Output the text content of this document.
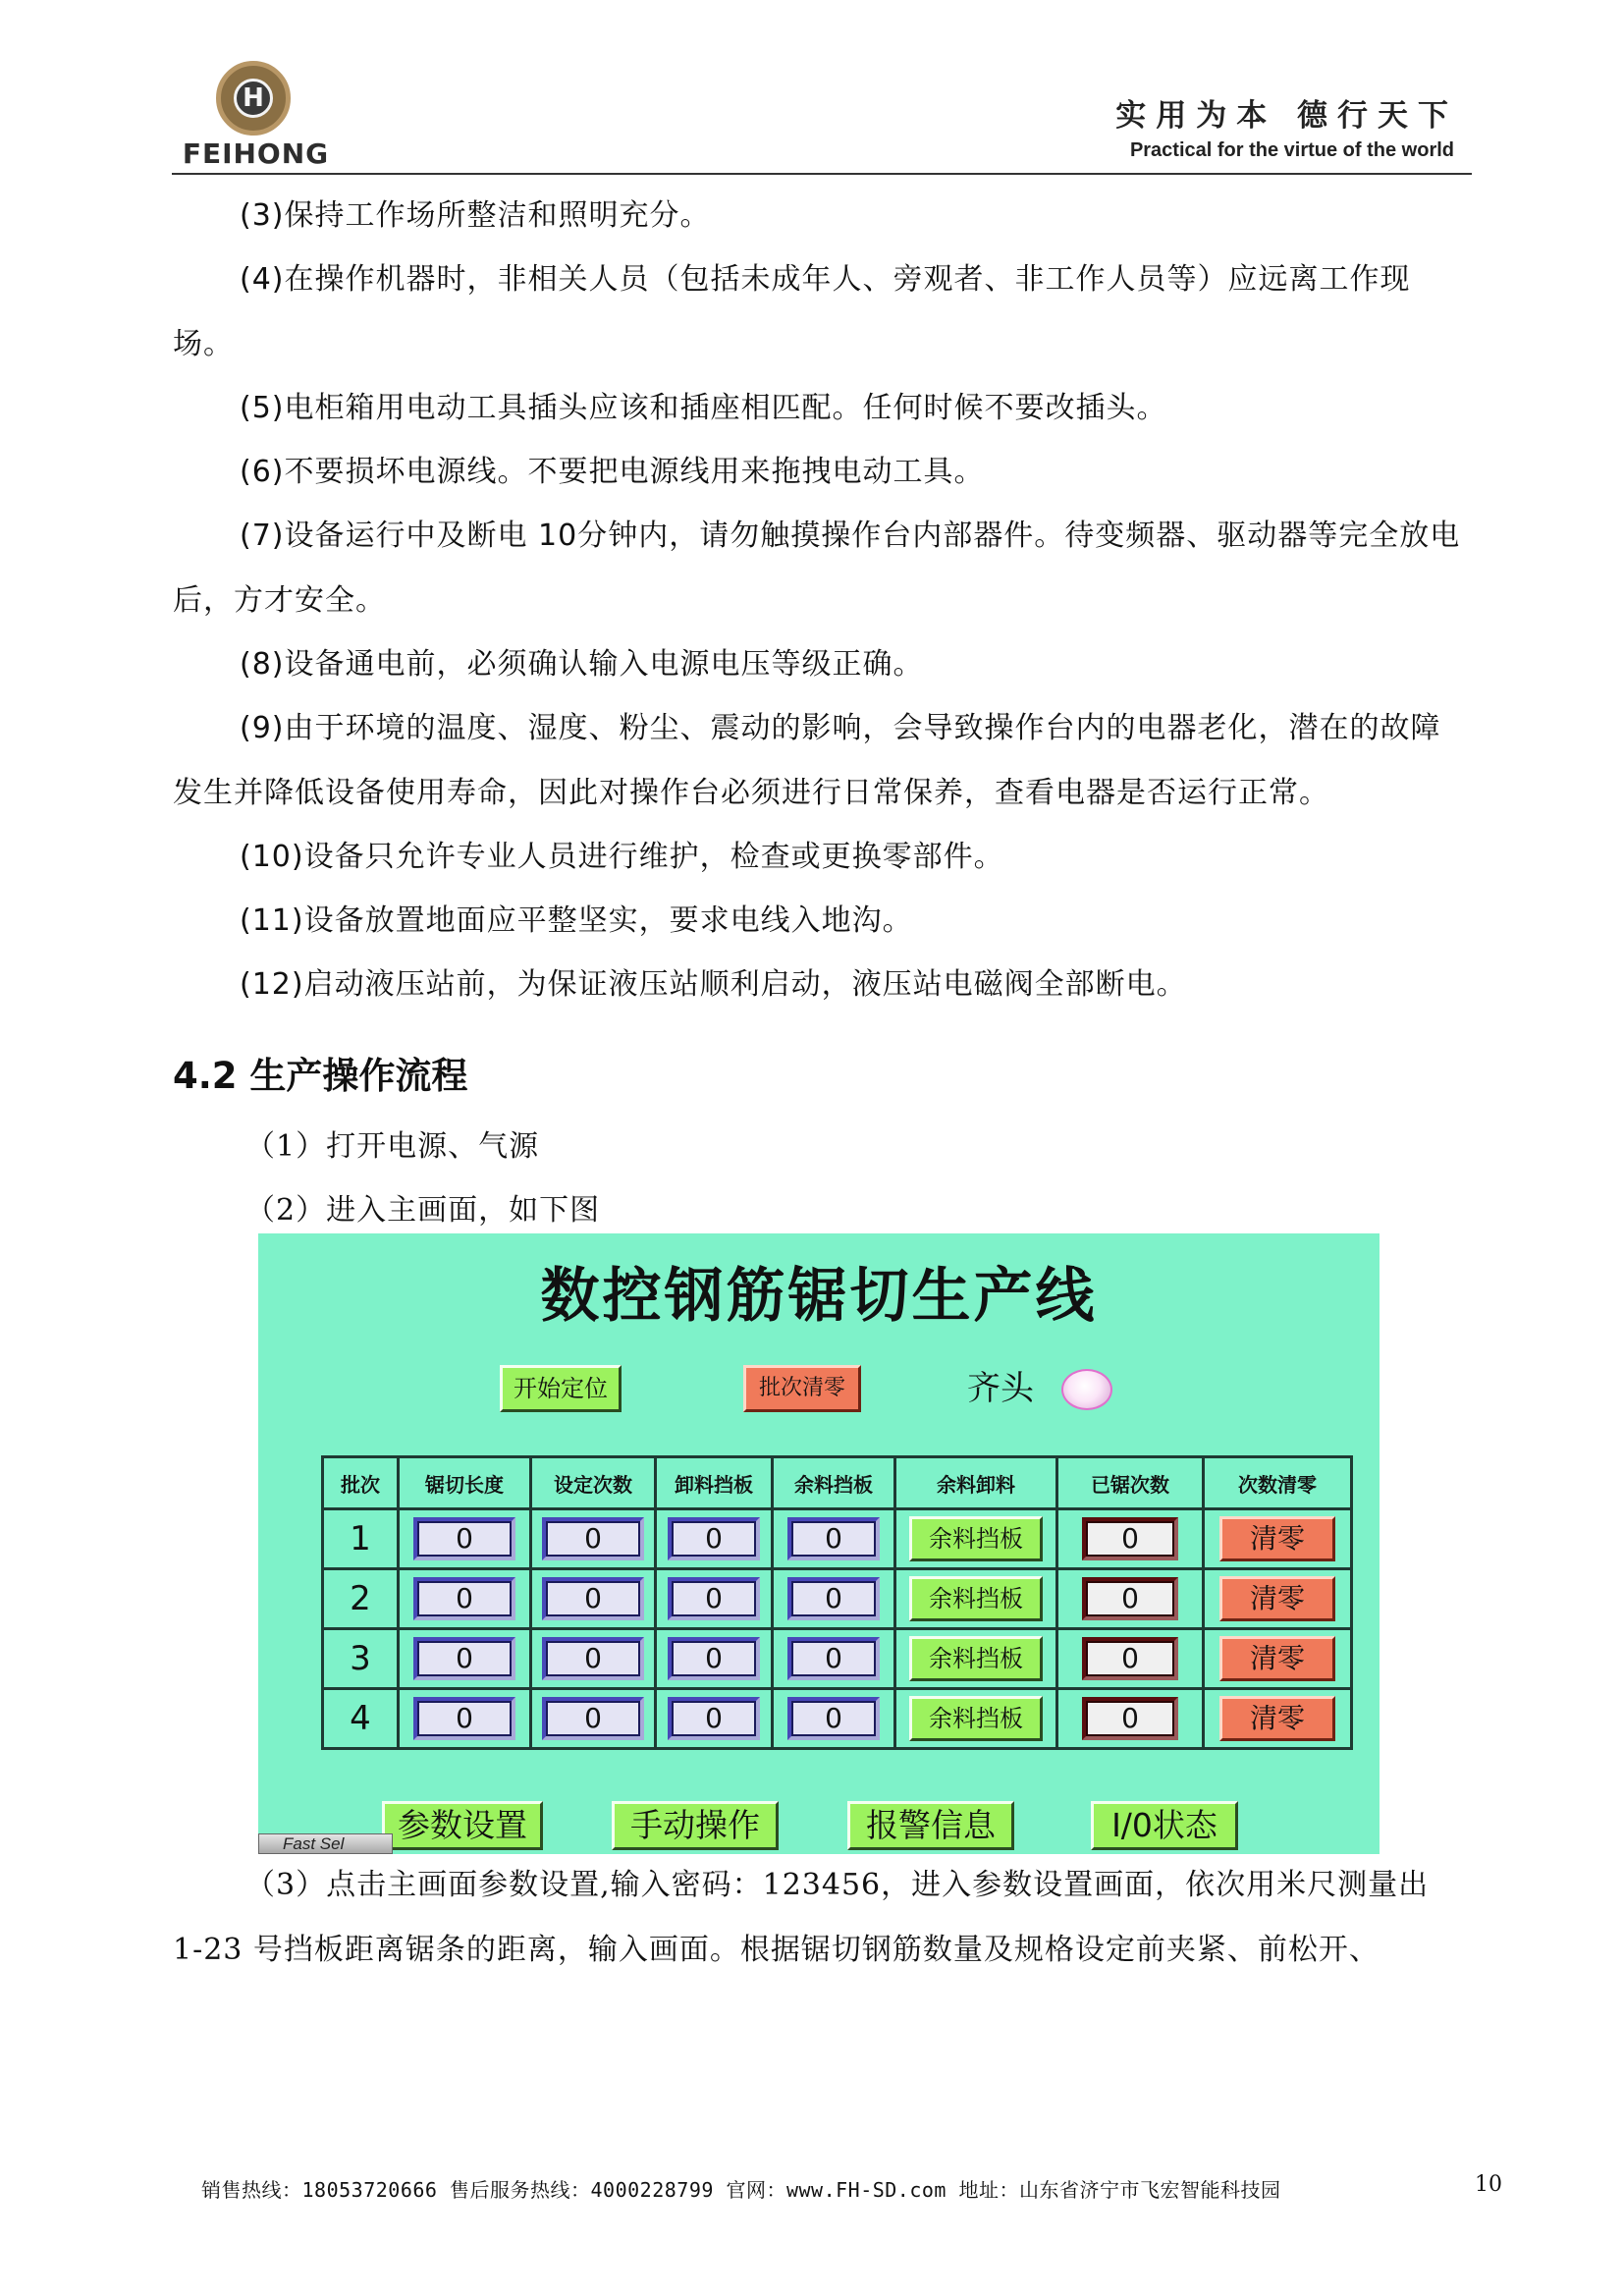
H
FEIHONG
实用为本 德行天下
Practical for the virtue of the world
(3)保持工作场所整洁和照明充分。
(4)在操作机器时，非相关人员（包括未成年人、旁观者、非工作人员等）应远离工作现场。
(5)电柜箱用电动工具插头应该和插座相匹配。任何时候不要改插头。
(6)不要损坏电源线。不要把电源线用来拖拽电动工具。
(7)设备运行中及断电 10分钟内，请勿触摸操作台内部器件。待变频器、驱动器等完全放电后，方才安全。
(8)设备通电前，必须确认输入电源电压等级正确。
(9)由于环境的温度、湿度、粉尘、震动的影响，会导致操作台内的电器老化，潜在的故障发生并降低设备使用寿命，因此对操作台必须进行日常保养，查看电器是否运行正常。
(10)设备只允许专业人员进行维护，检查或更换零部件。
(11)设备放置地面应平整坚实，要求电线入地沟。
(12)启动液压站前，为保证液压站顺利启动，液压站电磁阀全部断电。
4.2 生产操作流程
（1）打开电源、气源
（2）进入主画面，如下图
数控钢筋锯切生产线
开始定位	批次清零	齐头
批次	锯切长度	设定次数	卸料挡板	余料挡板	余料卸料	已锯次数	次数清零
1	0	0	0	0	余料挡板	0	清零
2	0	0	0	0	余料挡板	0	清零
3	0	0	0	0	余料挡板	0	清零
4	0	0	0	0	余料挡板	0	清零
参数设置	手动操作	报警信息	I/0状态
Fast Sel
（3）点击主画面参数设置,输入密码：123456，进入参数设置画面，依次用米尺测量出 1-23 号挡板距离锯条的距离，输入画面。根据锯切钢筋数量及规格设定前夹紧、前松开、
销售热线：18053720666 售后服务热线：4000228799 官网：www.FH-SD.com 地址：山东省济宁市飞宏智能科技园	10
